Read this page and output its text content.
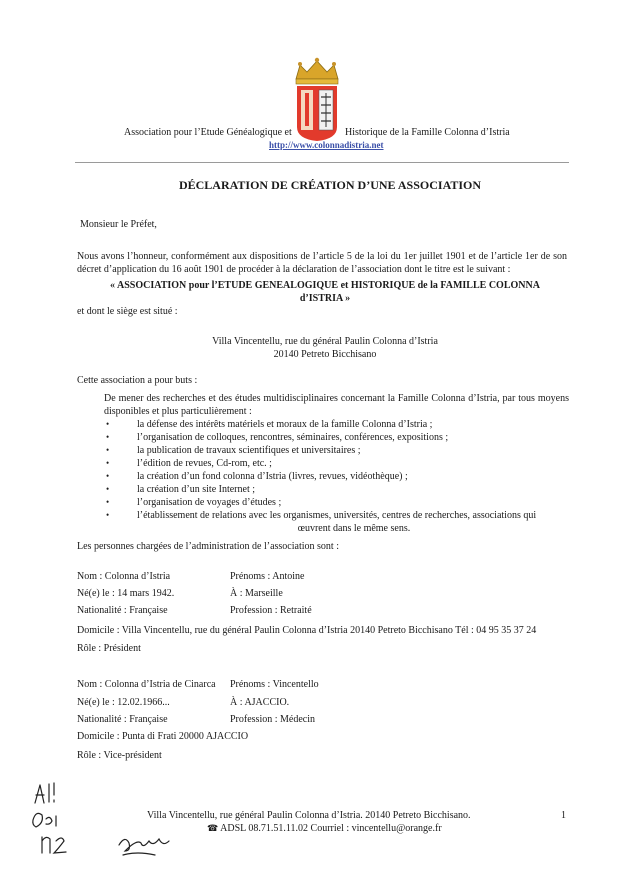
Association pour l’Etude Généalogique et	Historique de la Famille Colonna d’Istria
http://www.colonnadistria.net
DÉCLARATION DE CRÉATION D’UNE ASSOCIATION
Monsieur le Préfet,
Nous avons l’honneur, conformément aux dispositions de l’article 5 de la loi du 1er juillet 1901 et de l’article 1er de son décret d’application du 16 août 1901 de procéder à la déclaration de l’association dont le titre est le suivant :
« ASSOCIATION pour l’ETUDE GENEALOGIQUE et HISTORIQUE de la FAMILLE COLONNA
d’ISTRIA »
et dont le siège est situé :
Villa Vincentellu, rue du général Paulin Colonna d’Istria
20140 Petreto Bicchisano
Cette association a pour buts :
De mener des recherches et des études multidisciplinaires concernant la Famille Colonna d’Istria, par tous moyens disponibles et plus particulièrement :
•	la défense des intérêts matériels et moraux de la famille Colonna d’Istria ;
•	l’organisation de colloques, rencontres, séminaires, conférences, expositions ;
•	la publication de travaux scientifiques et universitaires ;
•	l’édition de revues, Cd-rom, etc. ;
•	la création d’un fond colonna d’Istria (livres, revues, vidéothèque) ;
•	la création d’un site Internet ;
•	l’organisation de voyages d’études ;
•	l’établissement de relations avec les organismes, universités, centres de recherches, associations qui
œuvrent dans le même sens.
Les personnes chargées de l’administration de l’association sont :
Nom : Colonna d’Istria	Prénoms : Antoine
Né(e) le : 14 mars 1942.	À : Marseille
Nationalité : Française	Profession : Retraité
Domicile : Villa Vincentellu, rue du général Paulin Colonna d’Istria 20140 Petreto Bicchisano Tél : 04 95 35 37 24
Rôle : Président
Nom : Colonna d’Istria de Cinarca Prénoms : Vincentello
Né(e) le : 12.02.1966...	À : AJACCIO.
Nationalité : Française	Profession : Médecin
Domicile : Punta di Frati 20000 AJACCIO
Rôle : Vice-président
Villa Vincentellu, rue général Paulin Colonna d’Istria. 20140 Petreto Bicchisano.	1
☎ ADSL 08.71.51.11.02 Courriel : vincentellu@orange.fr
